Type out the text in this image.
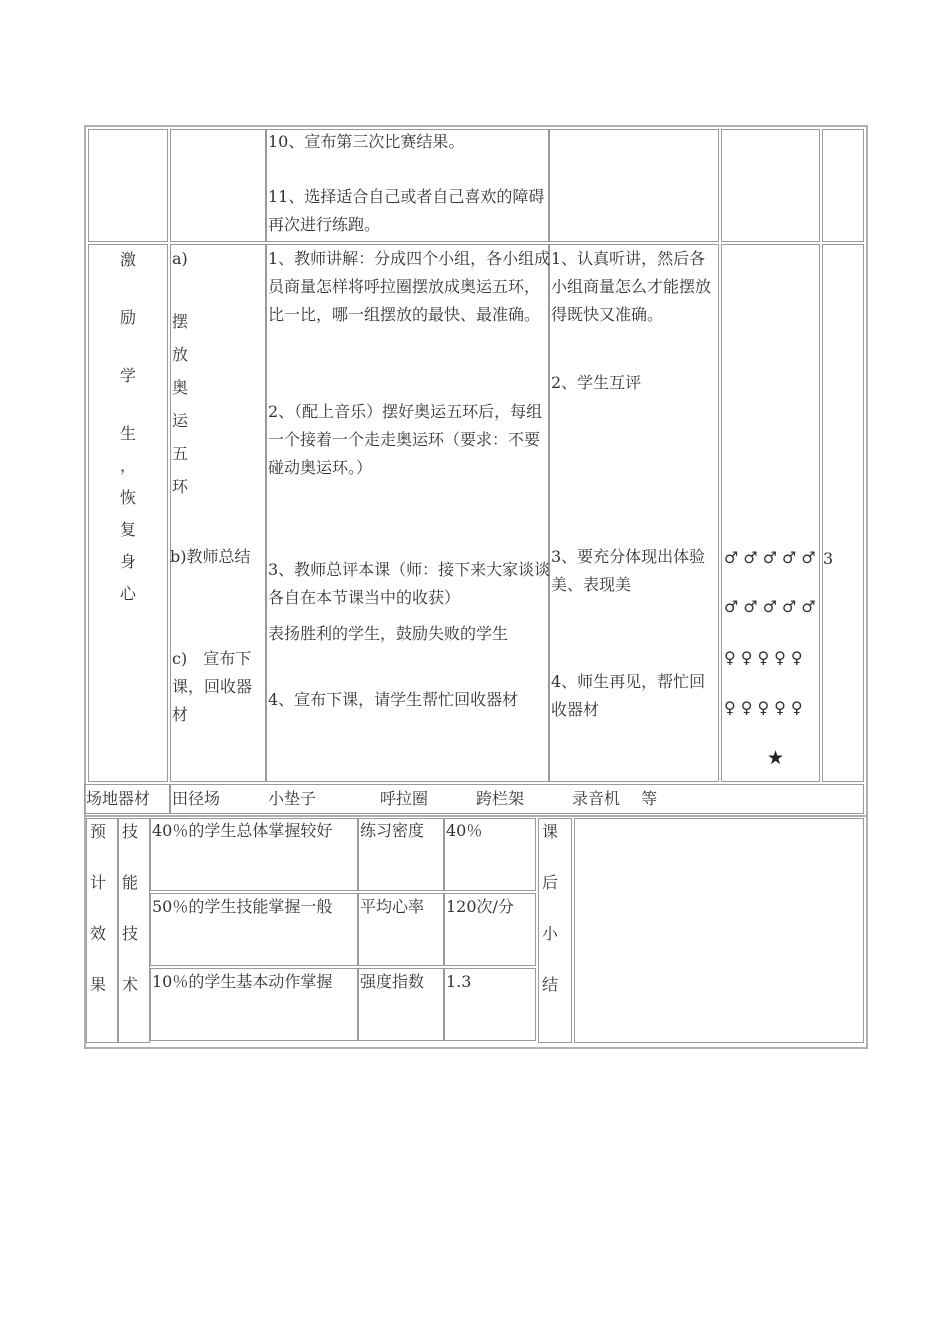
10、宣布第三次比赛结果。
11、选择适合自己或者自己喜欢的障碍再次进行练跑。
激
励
学
生
，
恢
复
身
心
a)
摆
放
奥
运
五
环
b)教师总结
c)　宣布下课，回收器材
1、教师讲解：分成四个小组，各小组成员商量怎样将呼拉圈摆放成奥运五环，比一比，哪一组摆放的最快、最准确。
2、（配上音乐）摆好奥运五环后，每组一个接着一个走走奥运环（要求：不要碰动奥运环。）
3、教师总评本课（师：接下来大家谈谈各自在本节课当中的收获）
表扬胜利的学生，鼓励失败的学生
4、宣布下课，请学生帮忙回收器材
1、认真听讲，然后各小组商量怎么才能摆放得既快又准确。
2、学生互评
3、要充分体现出体验美、表现美
4、师生再见，帮忙回收器材
♂♂♂♂♂
♂♂♂♂♂
♀♀♀♀♀
♀♀♀♀♀
★
3
场地器材 田径场　　　小垫子　　　　呼拉圈　　　跨栏架　　　录音机　 等
预
计
效
果
技
能
技
术
40％的学生总体掌握较好
50％的学生技能掌握一般
10％的学生基本动作掌握
练习密度
平均心率
强度指数
40％
120次/分
1.3
课
后
小
结
